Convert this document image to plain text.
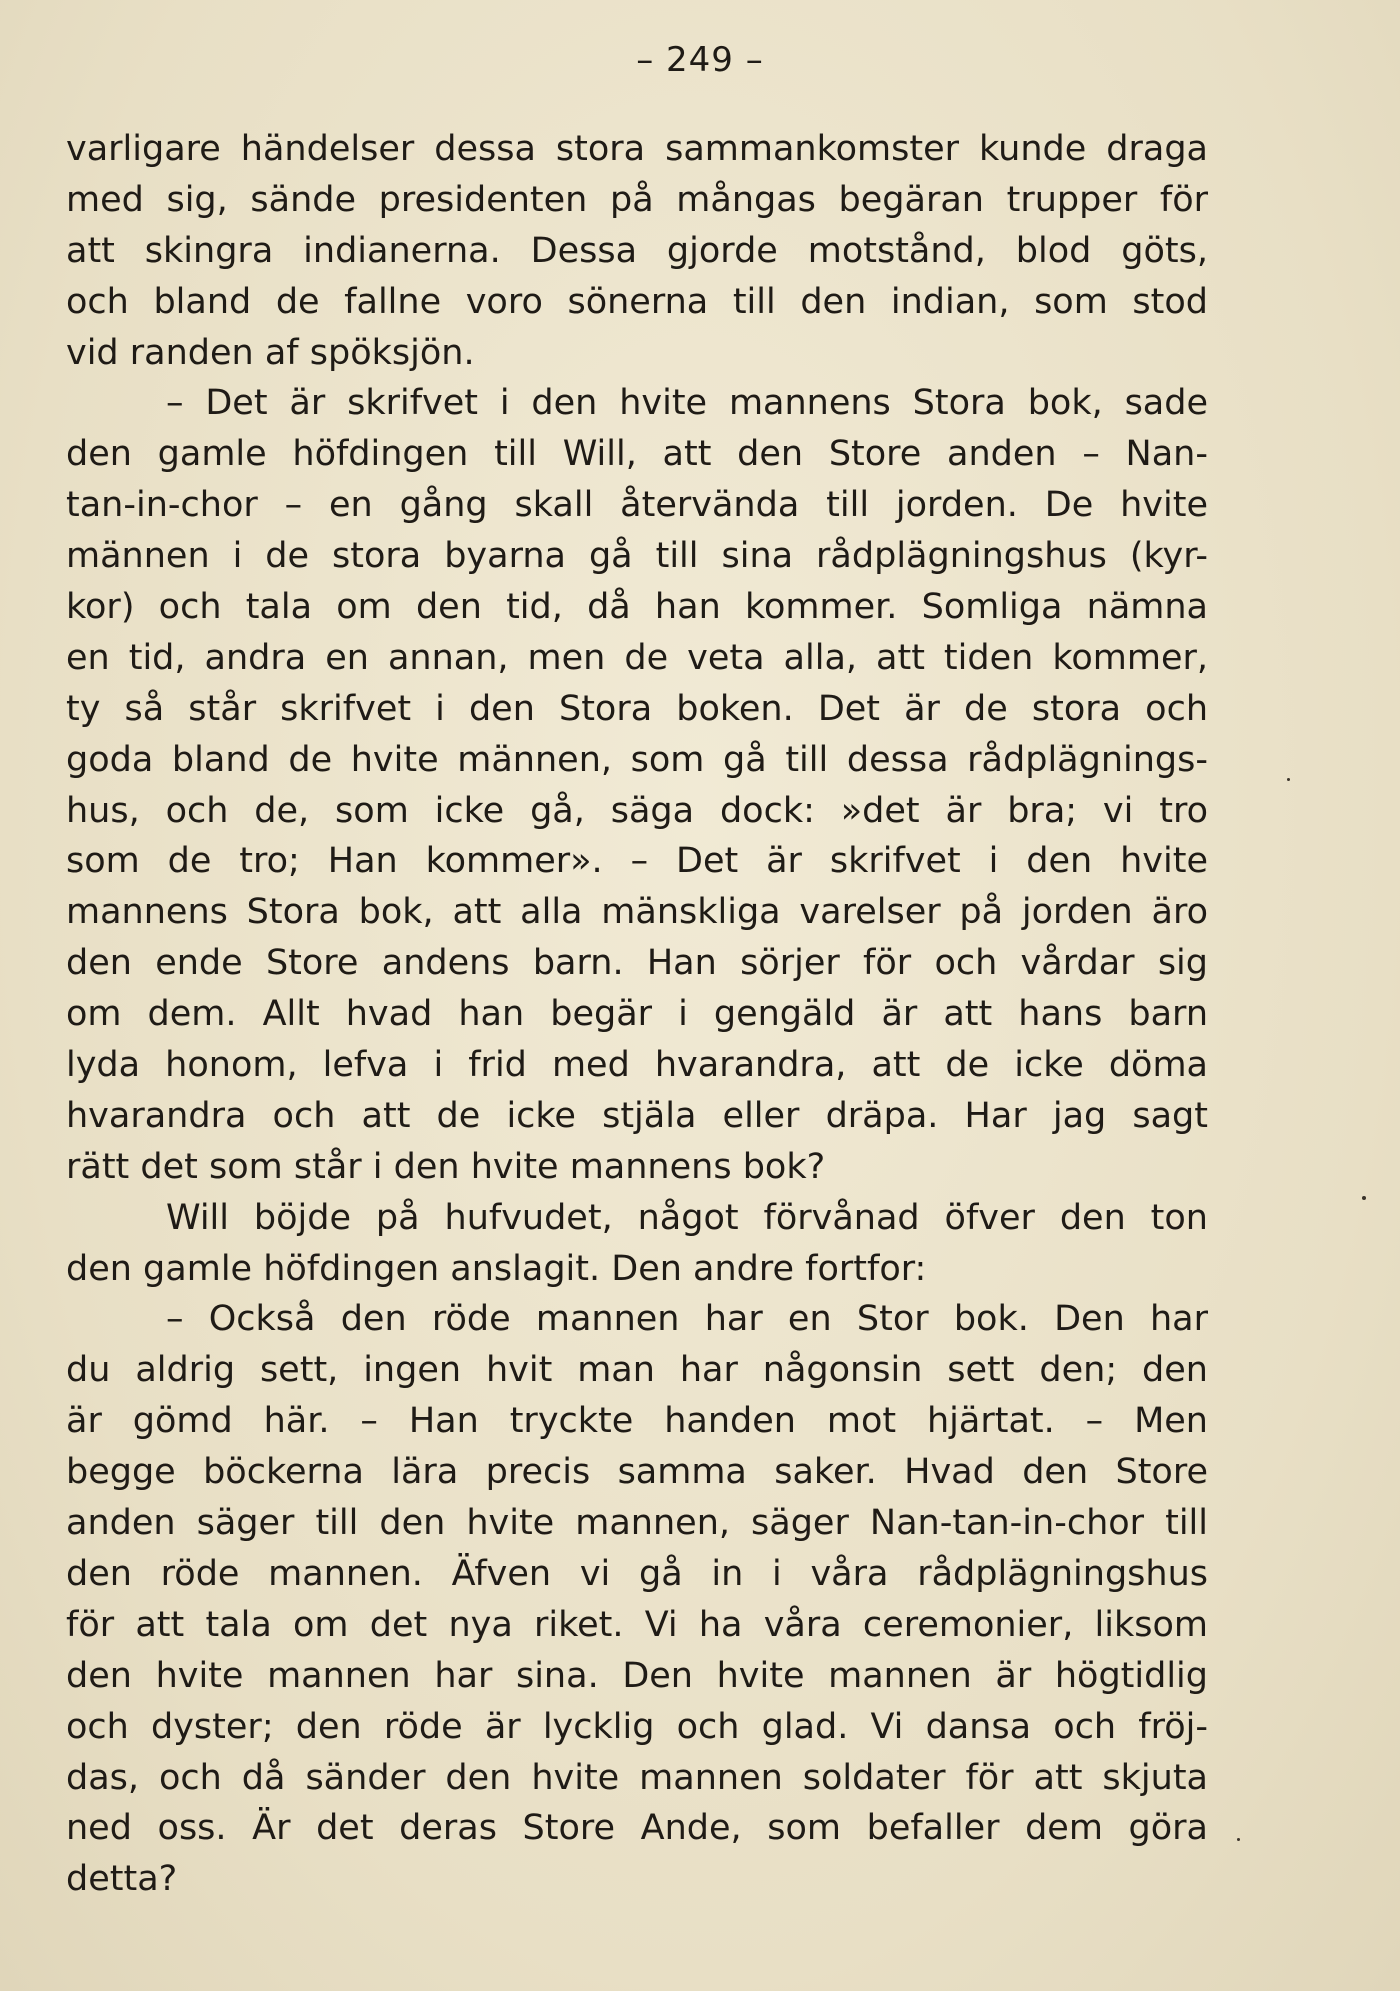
– 249 –
varligare händelser dessa stora sammankomster kunde draga
med sig, sände presidenten på mångas begäran trupper för
att skingra indianerna. Dessa gjorde motstånd, blod göts,
och bland de fallne voro sönerna till den indian, som stod
vid randen af spöksjön.
– Det är skrifvet i den hvite mannens Stora bok, sade
den gamle höfdingen till Will, att den Store anden – Nan-
tan-in-chor – en gång skall återvända till jorden. De hvite
männen i de stora byarna gå till sina rådplägningshus (kyr-
kor) och tala om den tid, då han kommer. Somliga nämna
en tid, andra en annan, men de veta alla, att tiden kommer,
ty så står skrifvet i den Stora boken. Det är de stora och
goda bland de hvite männen, som gå till dessa rådplägnings-
hus, och de, som icke gå, säga dock: »det är bra; vi tro
som de tro; Han kommer». – Det är skrifvet i den hvite
mannens Stora bok, att alla mänskliga varelser på jorden äro
den ende Store andens barn. Han sörjer för och vårdar sig
om dem. Allt hvad han begär i gengäld är att hans barn
lyda honom, lefva i frid med hvarandra, att de icke döma
hvarandra och att de icke stjäla eller dräpa. Har jag sagt
rätt det som står i den hvite mannens bok?
Will böjde på hufvudet, något förvånad öfver den ton
den gamle höfdingen anslagit. Den andre fortfor:
– Också den röde mannen har en Stor bok. Den har
du aldrig sett, ingen hvit man har någonsin sett den; den
är gömd här. – Han tryckte handen mot hjärtat. – Men
begge böckerna lära precis samma saker. Hvad den Store
anden säger till den hvite mannen, säger Nan-tan-in-chor till
den röde mannen. Äfven vi gå in i våra rådplägningshus
för att tala om det nya riket. Vi ha våra ceremonier, liksom
den hvite mannen har sina. Den hvite mannen är högtidlig
och dyster; den röde är lycklig och glad. Vi dansa och fröj-
das, och då sänder den hvite mannen soldater för att skjuta
ned oss. Är det deras Store Ande, som befaller dem göra
detta?
